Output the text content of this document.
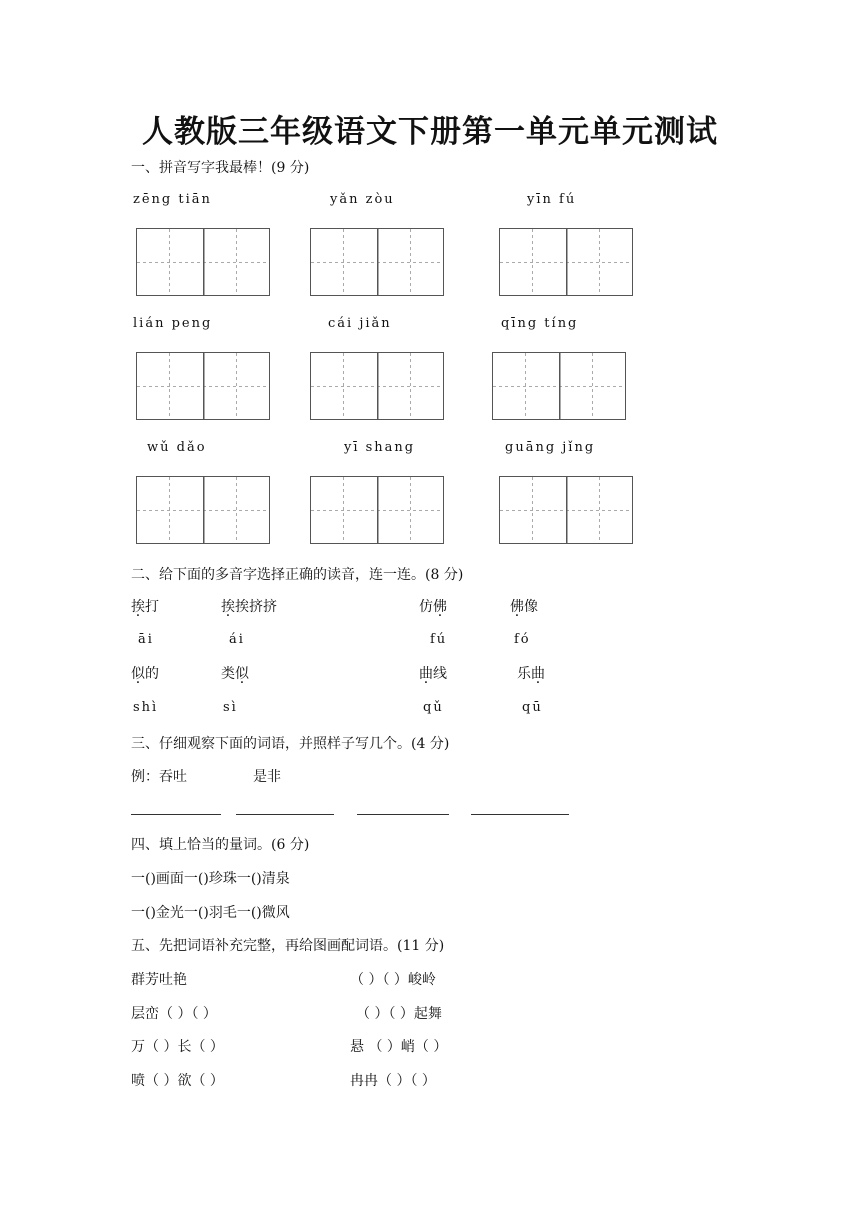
人教版三年级语文下册第一单元单元测试
一、拼音写字我最棒！(9 分)
zēng tiān	yǎn zòu	yīn fú
lián peng	cái jiǎn	qīng tíng
wǔ dǎo	yī shang	guāng jǐng
二、给下面的多音字选择正确的读音，连一连。(8 分)
挨打	挨挨挤挤	仿佛	佛像
āi	ái	fú	fó
似的	类似	曲线	乐曲
shì	sì	qǔ	qū
三、仔细观察下面的词语，并照样子写几个。(4 分)
例：吞吐	是非
四、填上恰当的量词。(6 分)
一()画面一()珍珠一()清泉
一()金光一()羽毛一()微风
五、先把词语补充完整，再给图画配词语。(11 分)
群芳吐艳	（ ）（ ）峻岭
层峦（ ）（ ）	（ ）（ ）起舞
万（ ）长（ ）	悬 （ ）峭（ ）
喷（ ）欲（ ）	冉冉（ ）（ ）
